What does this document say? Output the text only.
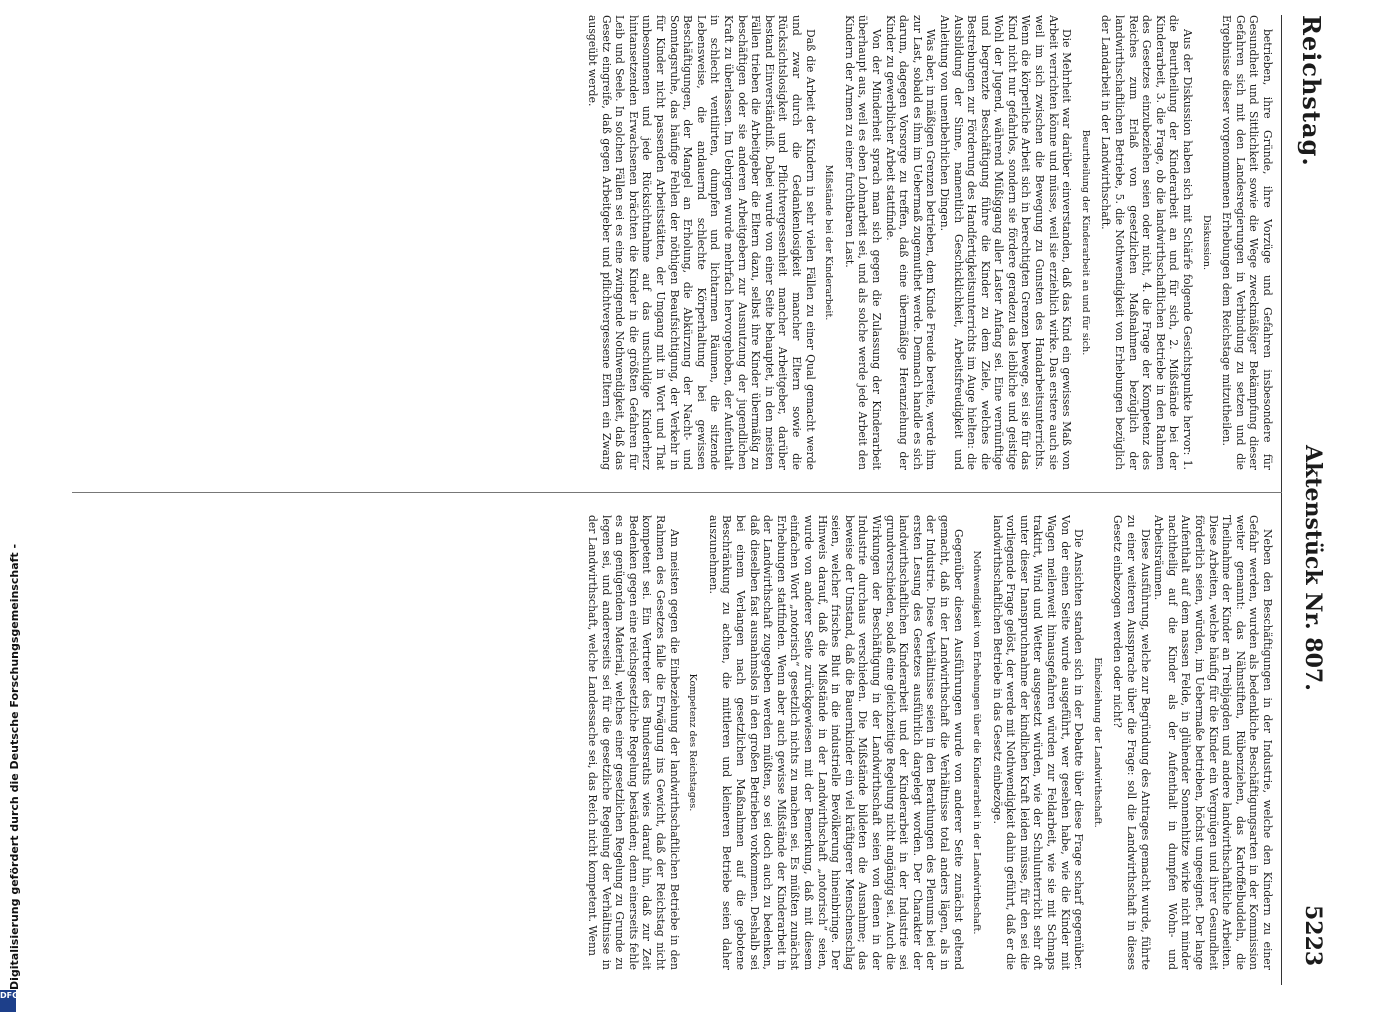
Reichstag.
Aktenstück Nr. 807.
5223

betrieben, ihre Gründe, ihre Vorzüge und Gefahren insbesondere für Gesundheit und Sittlichkeit sowie die Wege zweckmäßiger Bekämpfung dieser Gefahren sich mit den Landesregierungen in Verbindung zu setzen und die Ergebnisse dieser vorgenommenen Erhebungen dem Reichstage mitzutheilen.

Diskussion.

Aus der Diskussion haben sich mit Schärfe folgende Gesichtspunkte hervor: 1. die Beurtheilung der Kinderarbeit an und für sich, 2. Mißstände bei der Kinderarbeit, 3. die Frage, ob die landwirthschaftlichen Betriebe in den Rahmen des Gesetzes einzubeziehen seien oder nicht, 4. die Frage der Kompetenz des Reiches zum Erlaß von gesetzlichen Maßnahmen bezüglich der landwirthschaftlichen Betriebe, 5. die Nothwendigkeit von Erhebungen bezüglich der Landarbeit in der Landwirthschaft.

Beurtheilung der Kinderarbeit an und für sich.

Die Mehrheit war darüber einverstanden, daß das Kind ein gewisses Maß von Arbeit verrichten könne und müsse, weil sie erziehlich wirke. Das erstere auch sie weil im sich zwischen die Bewegung zu Gunsten des Handarbeitsunterrichts. Wenn die körperliche Arbeit sich in berechtigten Grenzen bewege, sei sie für das Kind nicht nur gefahrlos, sondern sie fördere geradezu das leibliche und geistige Wohl der Jugend, während Müßiggang aller Laster Anfang sei. Eine vernünftige und begrenzte Beschäftigung führe die Kinder zu dem Ziele, welches die Bestrebungen zur Förderung des Handfertigkeitsunterrichts im Auge hielten: die Ausbildung der Sinne, namentlich Geschicklichkeit, Arbeitsfreudigkeit und Anleitung von unentbehrlichen Dingen.

Was aber, in mäßigen Grenzen betrieben, dem Kinde Freude bereite, werde ihm zur Last, sobald es ihm im Uebermaß zugemuthet werde. Demnach handle es sich darum, dagegen Vorsorge zu treffen, daß eine übermäßige Heranziehung der Kinder zu gewerblicher Arbeit stattfinde.

Von der Minderheit sprach man sich gegen die Zulassung der Kinderarbeit überhaupt aus, weil es eben Lohnarbeit sei, und als solche werde jede Arbeit den Kindern der Armen zu einer furchtbaren Last.

Mißstände bei der Kinderarbeit.

Daß die Arbeit der Kindern in sehr vielen Fällen zu einer Qual gemacht werde und zwar durch die Gedankenlosigkeit mancher Eltern sowie die Rücksichtslosigkeit und Pflichtvergessenheit mancher Arbeitgeber, darüber bestand Einverständniß. Dabei wurde von einer Seite behauptet, in den meisten Fällen trieben die Arbeitgeber die Eltern dazu, selbst ihre Kinder übermäßig zu beschäftigen oder sie anderen Arbeitgebern zur Ausnutzung der jugendlichen Kraft zu überlassen. Im Uebrigen wurde mehrfach hervorgehoben, der Aufenthalt in schlecht ventilirten, dumpfen und lichtarmen Räumen, die sitzende Lebensweise, die andauernd schlechte Körperhaltung bei gewissen Beschäftigungen, der Mangel an Erholung, die Abkürzung der Nacht- und Sonntagsruhe, das häufige Fehlen der nöthigen Beaufsichtigung, der Verkehr in für Kinder nicht passenden Arbeitsstätten, der Umgang mit in Wort und That unbesonnenen und jede Rücksichtnahme auf das unschuldige Kinderherz hintansetzenden Erwachsenen brächten die Kinder in die größten Gefahren für Leib und Seele. In solchen Fällen sei es eine zwingende Nothwendigkeit, daß das Gesetz eingreife, daß gegen Arbeitgeber und pflichtvergessene Eltern ein Zwang ausgeübt werde.

Neben den Beschäftigungen in der Industrie, welche den Kindern zu einer Gefahr werden, wurden als bedenkliche Beschäftigungsarten in der Kommission weiter genannt: das Nähnstiften, Rübenziehen, das Kartoffelbuddeln, die Theilnahme der Kinder an Treibjagden und andere landwirthschaftliche Arbeiten. Diese Arbeiten, welche häufig für die Kinder ein Vergnügen und ihrer Gesundheit förderlich seien, würden, im Uebermaße betrieben, höchst ungeeignet. Der lange Aufenthalt auf dem nassen Felde, in glühender Sonnenhitze wirke nicht minder nachtheilig auf die Kinder als der Aufenthalt in dumpfen Wohn- und Arbeitsräumen.

Diese Ausführung, welche zur Begründung des Antrages gemacht wurde, führte zu einer weiteren Aussprache über die Frage: soll die Landwirthschaft in dieses Gesetz einbezogen werden oder nicht?

Einbeziehung der Landwirthschaft.

Die Ansichten standen sich in der Debatte über diese Frage scharf gegenüber. Von der einen Seite wurde ausgeführt, wer gesehen habe, wie die Kinder mit Wagen meilenweit hinausgefahren würden zur Feldarbeit, wie sie mit Schnaps traktirt, Wind und Wetter ausgesetzt würden, wie der Schulunterricht sehr oft unter dieser Inanspruchnahme der kindlichen Kraft leiden müsse, für den sei die vorliegende Frage gelöst, der werde mit Nothwendigkeit dahin geführt, daß er die landwirthschaftlichen Betriebe in das Gesetz einbezöge.

Nothwendigkeit von Erhebungen über die Kinderarbeit in der Landwirthschaft.

Gegenüber diesen Ausführungen wurde von anderer Seite zunächst geltend gemacht, daß in der Landwirthschaft die Verhältnisse total anders lägen, als in der Industrie. Diese Verhältnisse seien in den Berathungen des Plenums bei der ersten Lesung des Gesetzes ausführlich dargelegt worden. Der Charakter der landwirthschaftlichen Kinderarbeit und der Kinderarbeit in der Industrie sei grundverschieden, sodaß eine gleichzeitige Regelung nicht angängig sei. Auch die Wirkungen der Beschäftigung in der Landwirthschaft seien von denen in der Industrie durchaus verschieden. Die Mißstände bildeten die Ausnahme; das beweise der Umstand, daß die Bauernkinder ein viel kräftigerer Menschenschlag seien, welcher frisches Blut in die industrielle Bevölkerung hineinbringe. Der Hinweis darauf, daß die Mißstände in der Landwirthschaft „notorisch“ seien, wurde von anderer Seite zurückgewiesen mit der Bemerkung, daß mit diesem einfachen Wort „notorisch“ gesetzlich nichts zu machen sei. Es müßten zunächst Erhebungen stattfinden. Wenn aber auch gewisse Mißstände der Kinderarbeit in der Landwirthschaft zugegeben werden müßten, so sei doch auch zu bedenken, daß dieselben fast ausnahmslos in den großen Betrieben vorkommen. Deshalb sei bei einem Verlangen nach gesetzlichen Maßnahmen auf die gebotene Beschränkung zu achten, die mittleren und kleineren Betriebe seien daher auszunehmen.

Kompetenz des Reichstages.

Am meisten gegen die Einbeziehung der landwirthschaftlichen Betriebe in den Rahmen des Gesetzes falle die Erwägung ins Gewicht, daß der Reichstag nicht kompetent sei. Ein Vertreter des Bundesraths wies darauf hin, daß zur Zeit Bedenken gegen eine reichsgesetzliche Regelung beständen; denn einerseits fehle es an genügendem Material, welches einer gesetzlichen Regelung zu Grunde zu legen sei, und andererseits sei für die gesetzliche Regelung der Verhältnisse in der Landwirthschaft, welche Landessache sei, das Reich nicht kompetent. Wenn

Digitalisierung gefördert durch die Deutsche Forschungsgemeinschaft -
DFG
